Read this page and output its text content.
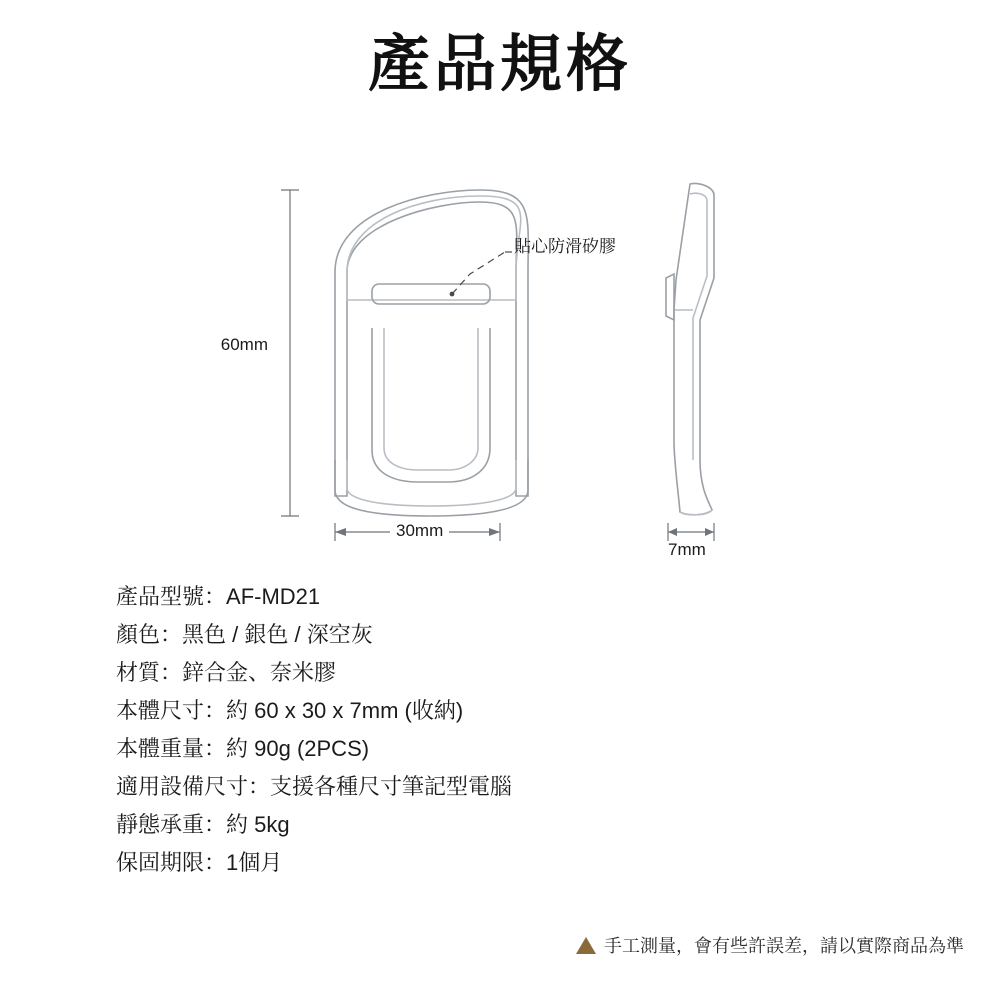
產品規格
60mm
30mm
7mm
貼心防滑矽膠
產品型號：AF-MD21
顏色：黑色 / 銀色 / 深空灰
材質：鋅合金、奈米膠
本體尺寸：約 60 x 30 x 7mm (收納)
本體重量：約 90g (2PCS)
適用設備尺寸：支援各種尺寸筆記型電腦
靜態承重：約 5kg
保固期限：1個月
手工測量，會有些許誤差，請以實際商品為準
